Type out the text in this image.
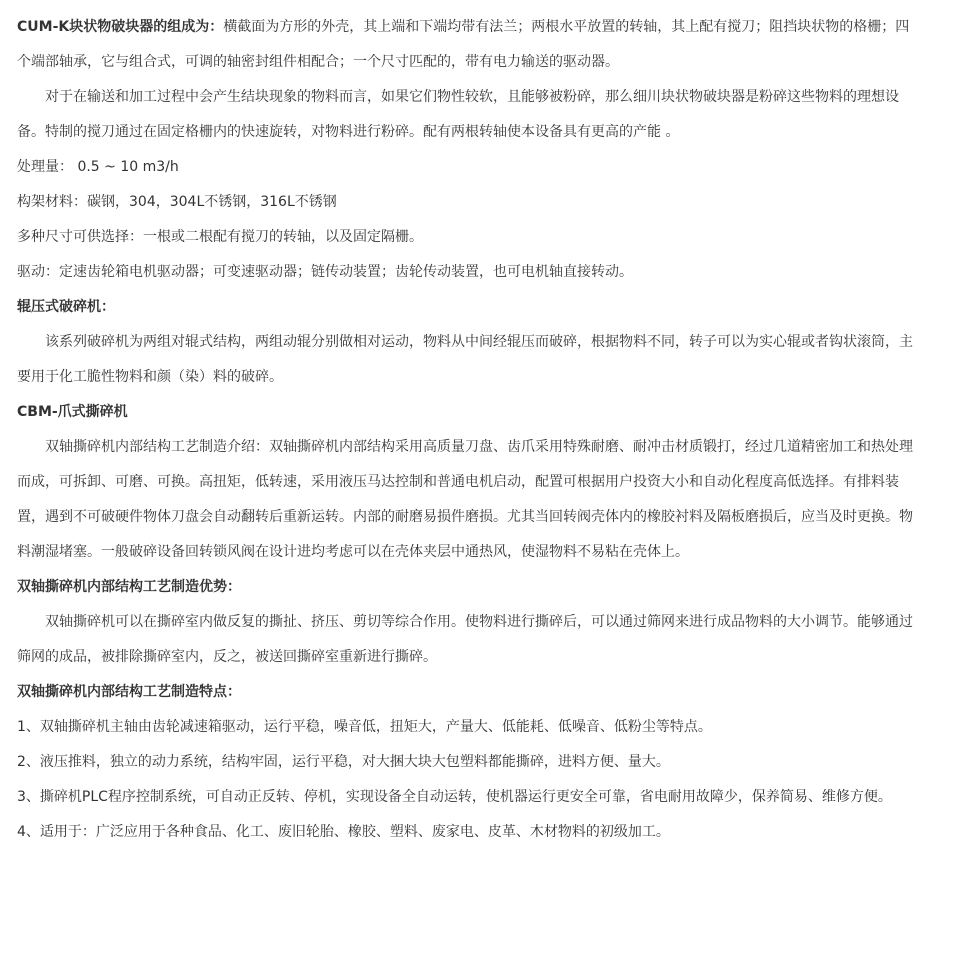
CUM-K块状物破块器的组成为：横截面为方形的外壳，其上端和下端均带有法兰；两根水平放置的转轴，其上配有搅刀；阻挡块状物的格栅；四个端部轴承，它与组合式，可调的轴密封组件相配合；一个尺寸匹配的，带有电力输送的驱动器。

对于在输送和加工过程中会产生结块现象的物料而言，如果它们物性较软，且能够被粉碎，那么细川块状物破块器是粉碎这些物料的理想设备。特制的搅刀通过在固定格栅内的快速旋转，对物料进行粉碎。配有两根转轴使本设备具有更高的产能 。

处理量： 0.5 ~ 10 m3/h

构架材料：碳钢，304，304L不锈钢，316L不锈钢

多种尺寸可供选择：一根或二根配有搅刀的转轴，以及固定隔栅。

驱动：定速齿轮箱电机驱动器；可变速驱动器；链传动装置；齿轮传动装置，也可电机轴直接转动。

辊压式破碎机：

该系列破碎机为两组对辊式结构，两组动辊分别做相对运动，物料从中间经辊压而破碎，根据物料不同，转子可以为实心辊或者钩状滚筒，主要用于化工脆性物料和颜（染）料的破碎。

CBM-爪式撕碎机

双轴撕碎机内部结构工艺制造介绍：双轴撕碎机内部结构采用高质量刀盘、齿爪采用特殊耐磨、耐冲击材质锻打，经过几道精密加工和热处理而成，可拆卸、可磨、可换。高扭矩，低转速，采用液压马达控制和普通电机启动，配置可根据用户投资大小和自动化程度高低选择。有排料装置，遇到不可破硬件物体刀盘会自动翻转后重新运转。内部的耐磨易损件磨损。尤其当回转阀壳体内的橡胶衬料及隔板磨损后，应当及时更换。物料潮湿堵塞。一般破碎设备回转锁风阀在设计进均考虑可以在壳体夹层中通热风，使湿物料不易粘在壳体上。

双轴撕碎机内部结构工艺制造优势：

双轴撕碎机可以在撕碎室内做反复的撕扯、挤压、剪切等综合作用。使物料进行撕碎后，可以通过筛网来进行成品物料的大小调节。能够通过筛网的成品，被排除撕碎室内，反之，被送回撕碎室重新进行撕碎。

双轴撕碎机内部结构工艺制造特点：

1、双轴撕碎机主轴由齿轮减速箱驱动，运行平稳，噪音低，扭矩大，产量大、低能耗、低噪音、低粉尘等特点。

2、液压推料，独立的动力系统，结构牢固，运行平稳，对大捆大块大包塑料都能撕碎，进料方便、量大。

3、撕碎机PLC程序控制系统，可自动正反转、停机，实现设备全自动运转，使机器运行更安全可靠，省电耐用故障少，保养简易、维修方便。

4、适用于：广泛应用于各种食品、化工、废旧轮胎、橡胶、塑料、废家电、皮革、木材物料的初级加工。
